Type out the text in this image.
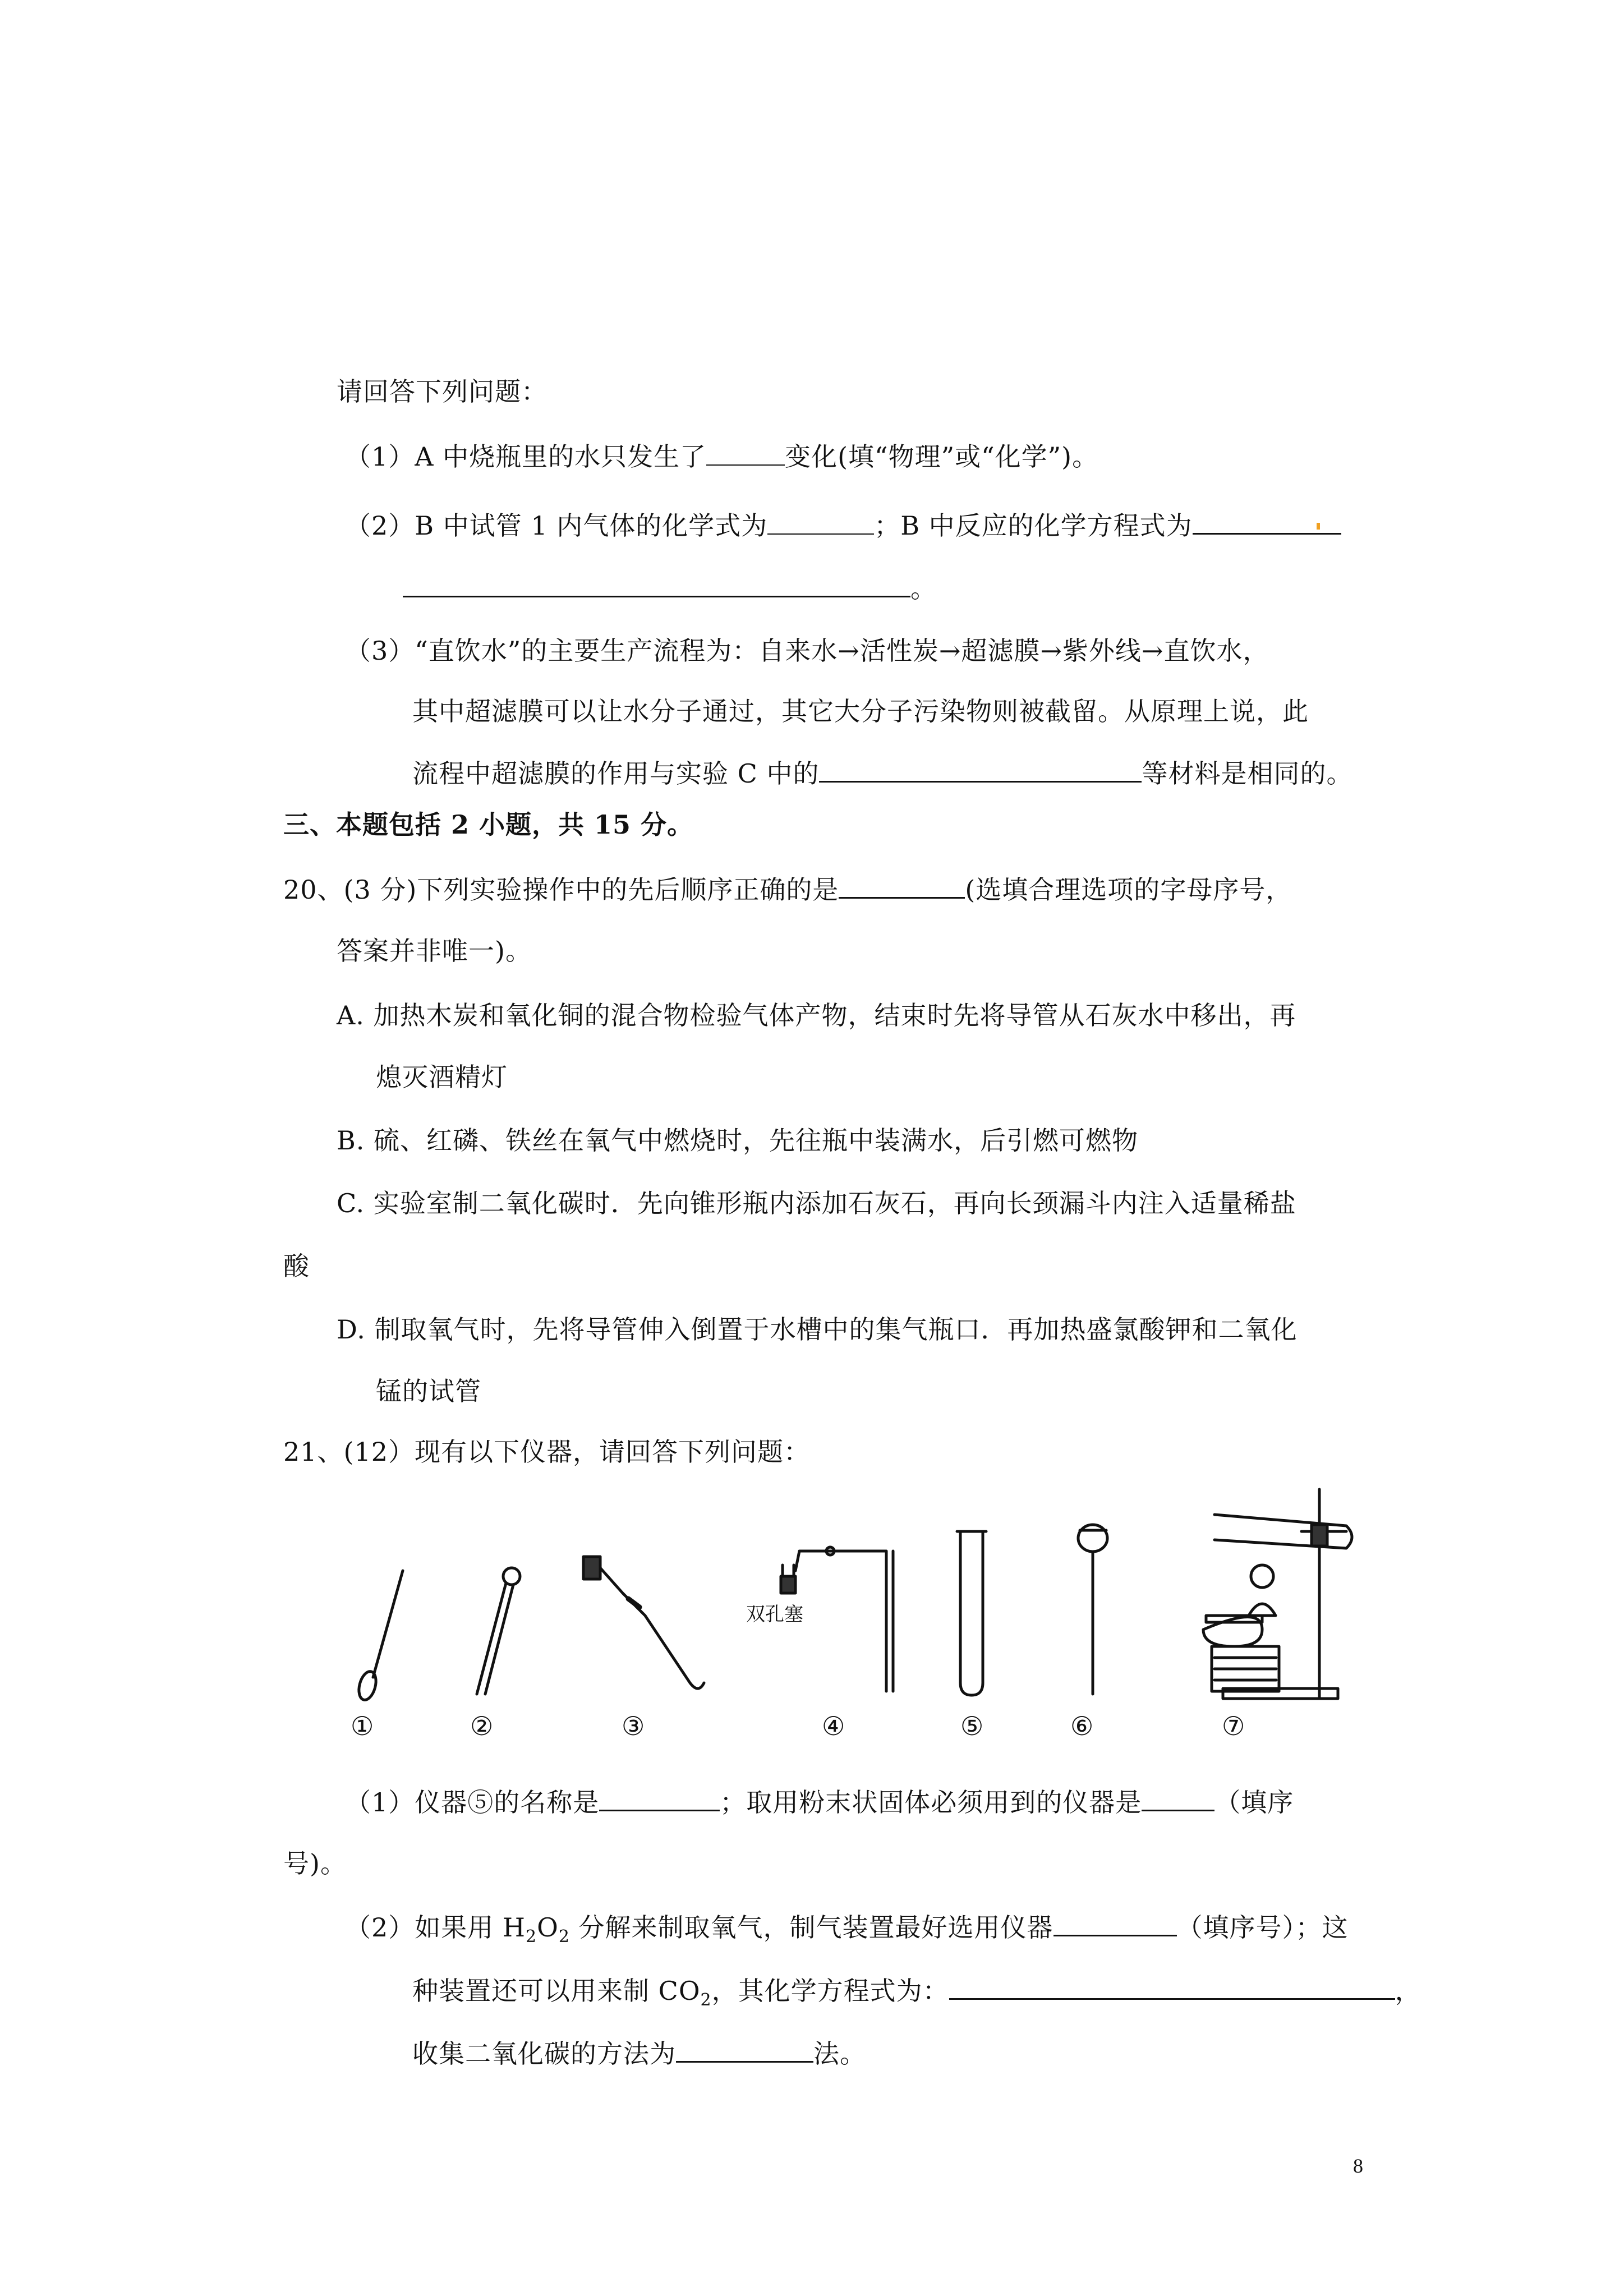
请回答下列问题：
（1）A 中烧瓶里的水只发生了	变化(填“物理”或“化学”)。
（2）B 中试管 1 内气体的化学式为	；B 中反应的化学方程式为
。
（3）“直饮水”的主要生产流程为：自来水→活性炭→超滤膜→紫外线→直饮水，
其中超滤膜可以让水分子通过，其它大分子污染物则被截留。从原理上说，此
流程中超滤膜的作用与实验 C 中的	等材料是相同的。
三、本题包括 2 小题，共 15 分。
20、(3 分)下列实验操作中的先后顺序正确的是	(选填合理选项的字母序号，
答案并非唯一)。
A. 加热木炭和氧化铜的混合物检验气体产物，结束时先将导管从石灰水中移出，再
熄灭酒精灯
B. 硫、红磷、铁丝在氧气中燃烧时，先往瓶中装满水，后引燃可燃物
C. 实验室制二氧化碳时．先向锥形瓶内添加石灰石，再向长颈漏斗内注入适量稀盐
酸
D. 制取氧气时，先将导管伸入倒置于水槽中的集气瓶口．再加热盛氯酸钾和二氧化
锰的试管
21、(12）现有以下仪器，请回答下列问题：
双孔塞
①	②	③	④	⑤	⑥	⑦
（1）仪器⑤的名称是	；取用粉末状固体必须用到的仪器是	（填序
号)。
（2）如果用 $H_2O_2$ 分解来制取氧气，制气装置最好选用仪器	（填序号）；这
种装置还可以用来制 $CO_2$，其化学方程式为：	，
收集二氧化碳的方法为	法。
8
